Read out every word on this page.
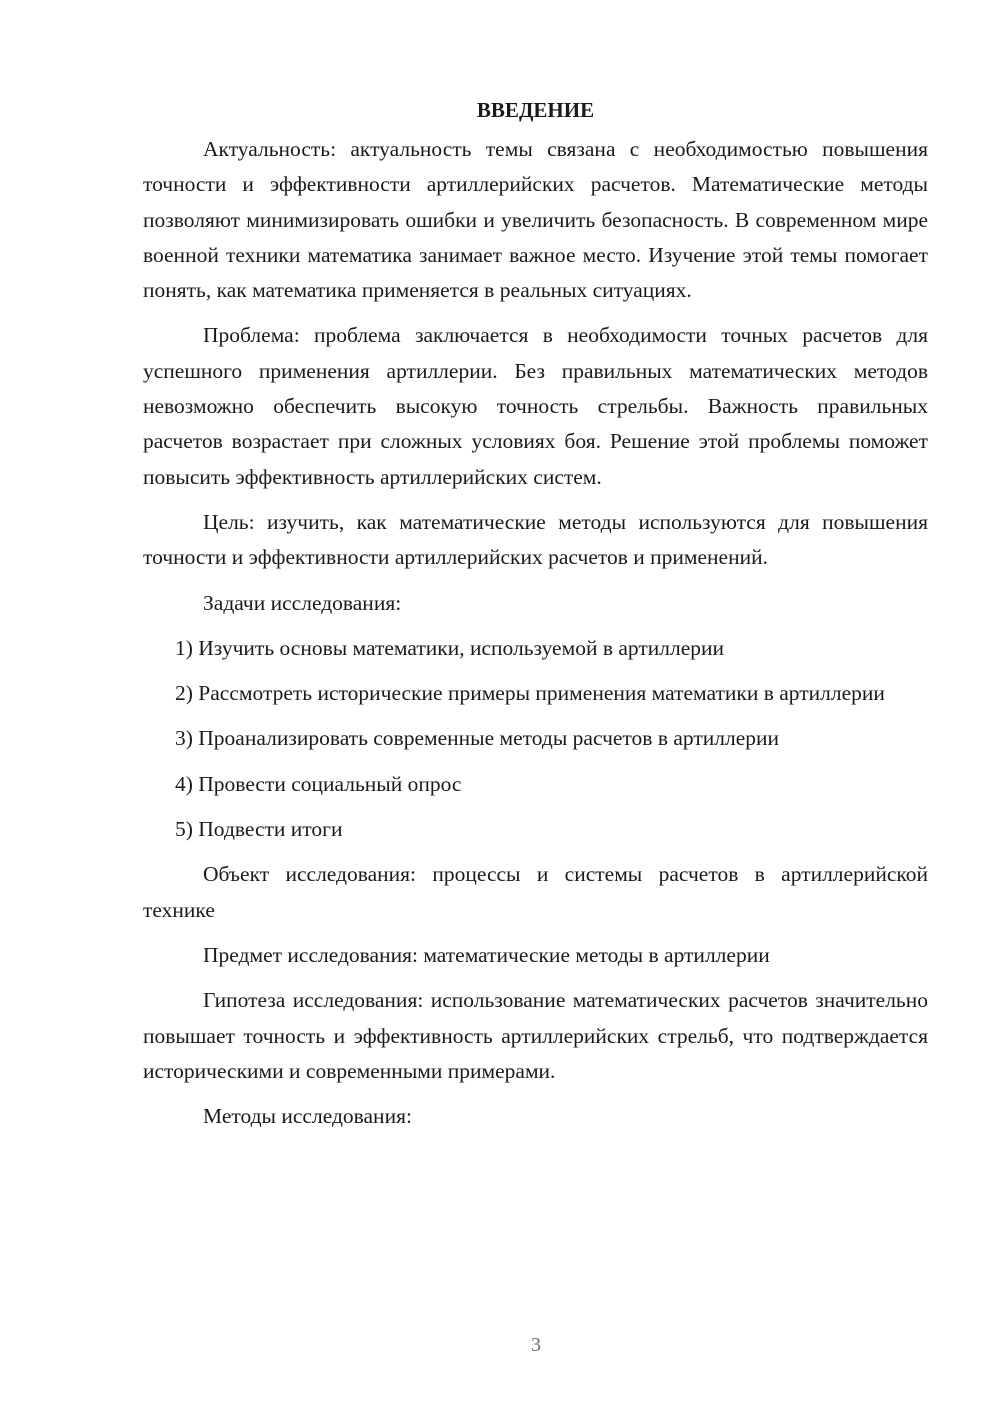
ВВЕДЕНИЕ

Актуальность: актуальность темы связана с необходимостью повышения точности и эффективности артиллерийских расчетов. Математические методы позволяют минимизировать ошибки и увеличить безопасность. В современном мире военной техники математика занимает важное место. Изучение этой темы помогает понять, как математика применяется в реальных ситуациях.

Проблема: проблема заключается в необходимости точных расчетов для успешного применения артиллерии. Без правильных математических методов невозможно обеспечить высокую точность стрельбы. Важность правильных расчетов возрастает при сложных условиях боя. Решение этой проблемы поможет повысить эффективность артиллерийских систем.

Цель: изучить, как математические методы используются для повышения точности и эффективности артиллерийских расчетов и применений.

Задачи исследования:

1) Изучить основы математики, используемой в артиллерии

2) Рассмотреть исторические примеры применения математики в артиллерии

3) Проанализировать современные методы расчетов в артиллерии

4) Провести социальный опрос

5) Подвести итоги

Объект исследования: процессы и системы расчетов в артиллерийской технике

Предмет исследования: математические методы в артиллерии

Гипотеза исследования: использование математических расчетов значительно повышает точность и эффективность артиллерийских стрельб, что подтверждается историческими и современными примерами.

Методы исследования:

3
